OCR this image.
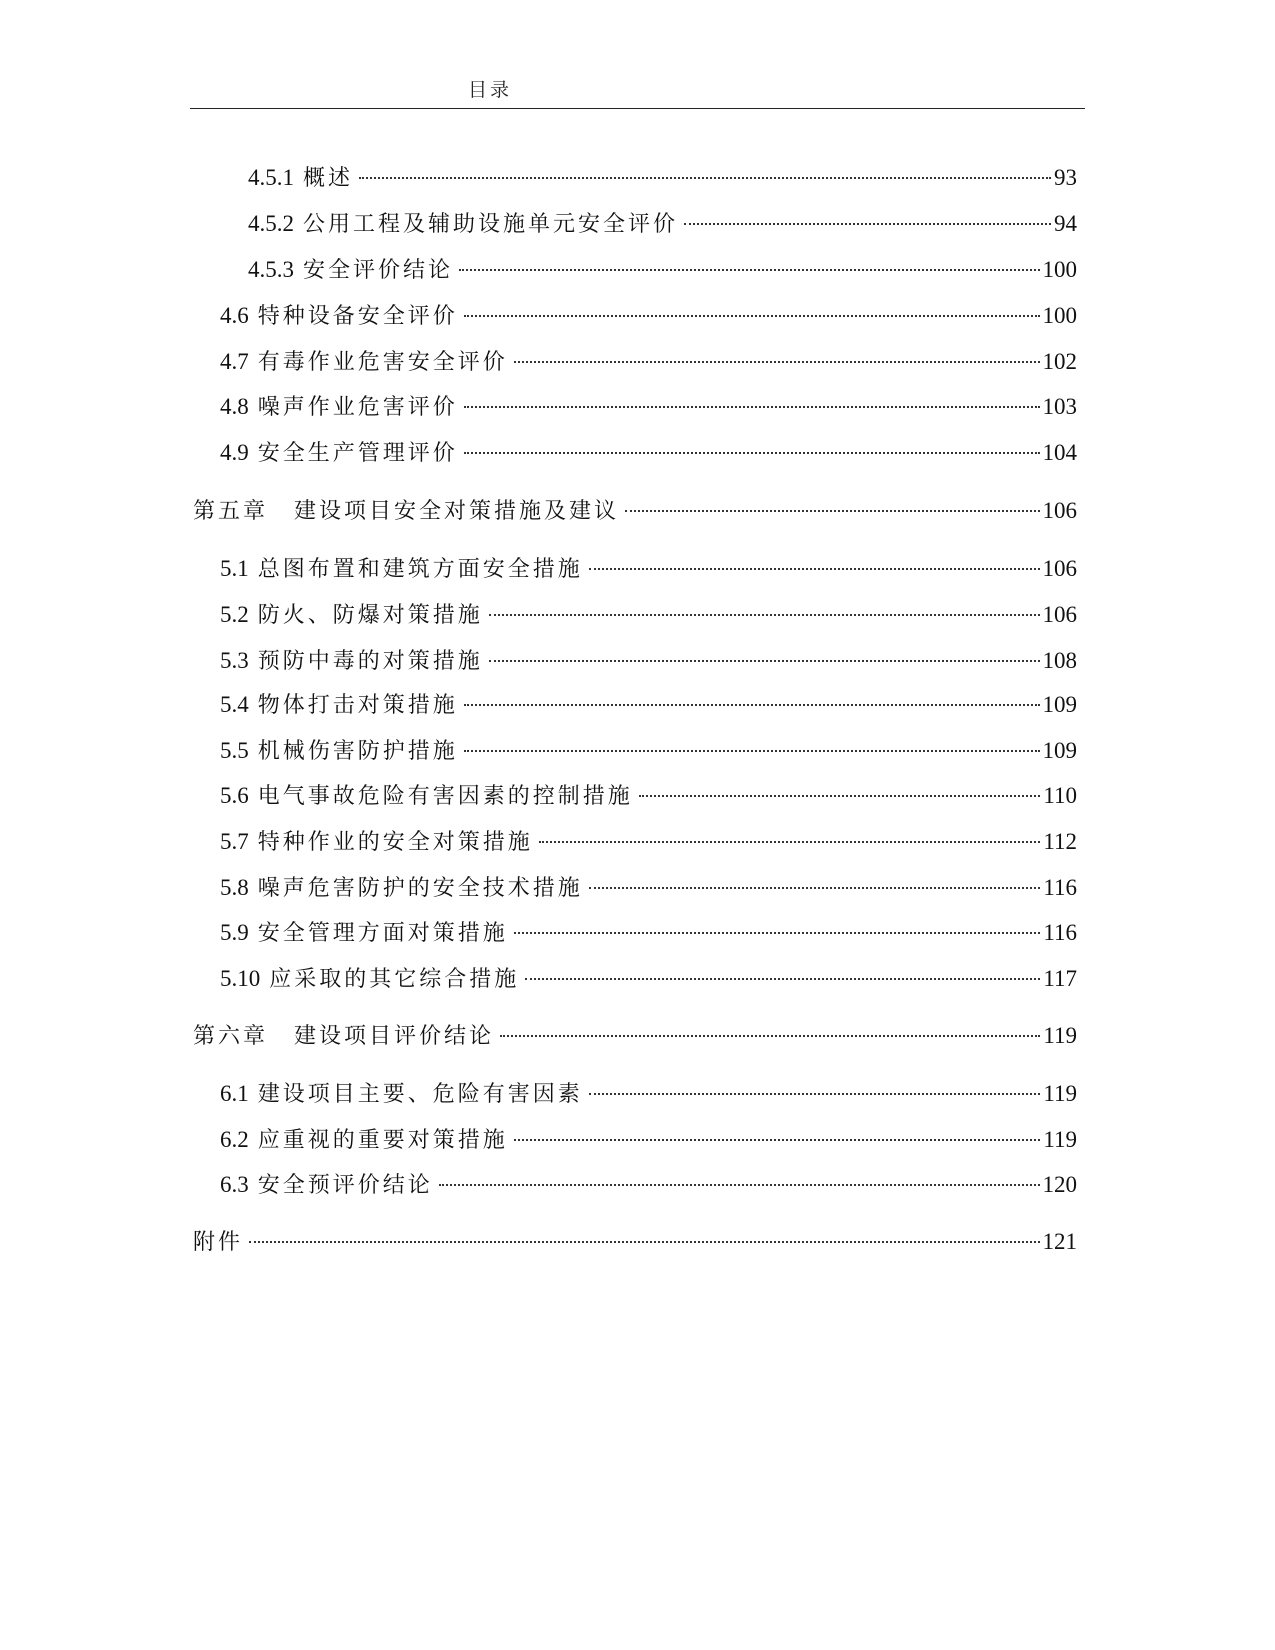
目录
4.5.1 概述	93
4.5.2 公用工程及辅助设施单元安全评价	94
4.5.3 安全评价结论	100
4.6 特种设备安全评价	100
4.7 有毒作业危害安全评价	102
4.8 噪声作业危害评价	103
4.9 安全生产管理评价	104
第五章 建设项目安全对策措施及建议	106
5.1 总图布置和建筑方面安全措施	106
5.2 防火、防爆对策措施	106
5.3 预防中毒的对策措施	108
5.4 物体打击对策措施	109
5.5 机械伤害防护措施	109
5.6 电气事故危险有害因素的控制措施	110
5.7 特种作业的安全对策措施	112
5.8 噪声危害防护的安全技术措施	116
5.9 安全管理方面对策措施	116
5.10 应采取的其它综合措施	117
第六章 建设项目评价结论	119
6.1 建设项目主要、危险有害因素	119
6.2 应重视的重要对策措施	119
6.3 安全预评价结论	120
附件	121
